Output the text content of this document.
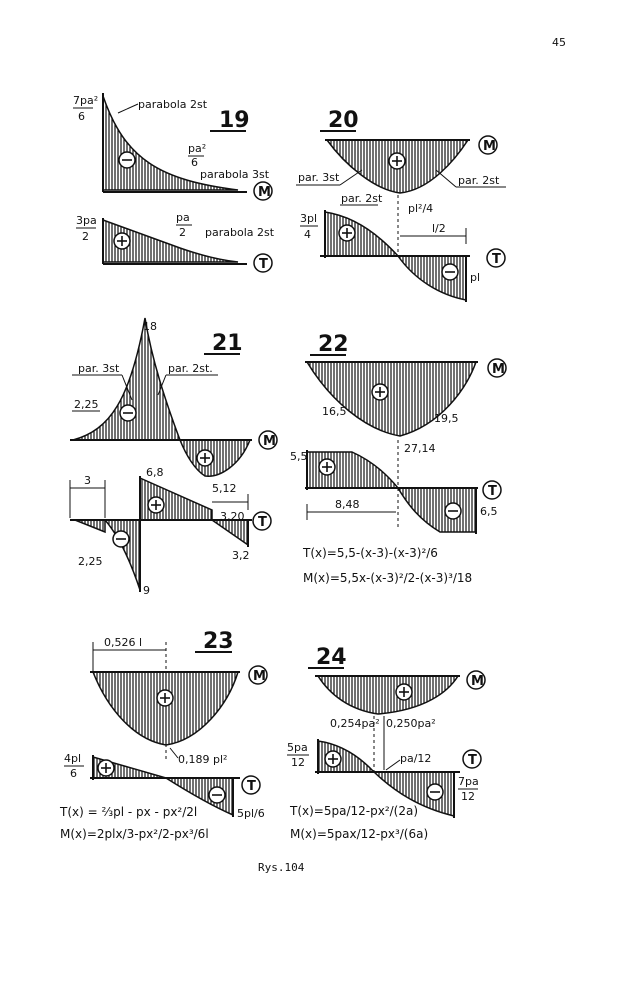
45
Rys.104
19
7pa²
6
parabola 2st
pa²
6
parabola 3st
M
3pa
2
pa
2 parabola 2st
T
20
M
par. 3st	par. 2st
par. 2st
pl²/4
l/2
3pl
4
pl
T
21
18
par. 3st	par. 2st.
2,25
M
3
6,8
5,12
3,20
2,25	3,2
9
T
22
M
16,5
19,5
27,14
5,5
8,48
6,5
T
T(x)=5,5-(x-3)-(x-3)²/6
M(x)=5,5x-(x-3)²/2-(x-3)³/18
23
0,526 l
M
0,189 pl²
4pl
6
5pl/6
T
T(x) = ⅔pl - px - px²/2l
M(x)=2plx/3-px²/2-px³/6l
24
M
0,254pa² 0,250pa²
5pa
12	pa/12
7pa
12
T
T(x)=5pa/12-px²/(2a)
M(x)=5pax/12-px³/(6a)
